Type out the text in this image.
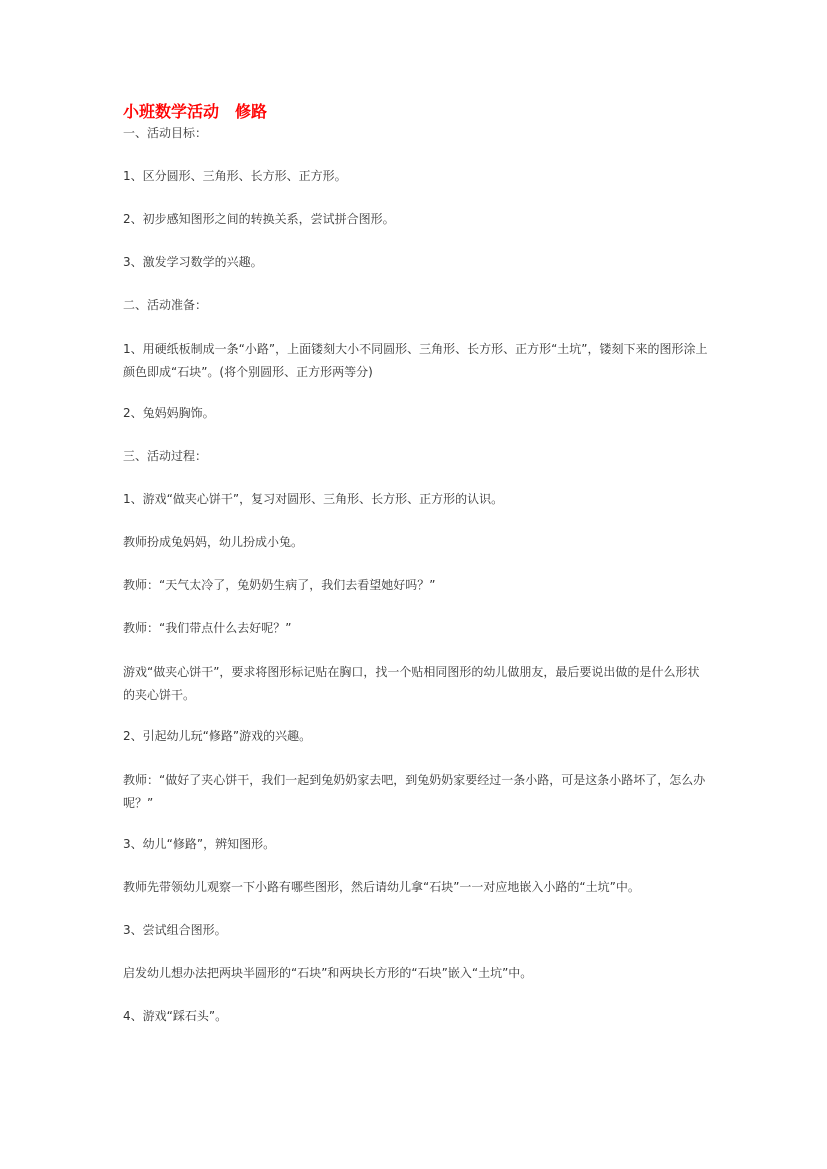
小班数学活动　修路
一、活动目标：
1、区分圆形、三角形、长方形、正方形。
2、初步感知图形之间的转换关系，尝试拼合图形。
3、激发学习数学的兴趣。
二、活动准备：
1、用硬纸板制成一条“小路”，上面镂刻大小不同圆形、三角形、长方形、正方形“土坑”，镂刻下来的图形涂上颜色即成“石块”。(将个别圆形、正方形两等分)
2、兔妈妈胸饰。
三、活动过程：
1、游戏“做夹心饼干”，复习对圆形、三角形、长方形、正方形的认识。
教师扮成兔妈妈，幼儿扮成小兔。
教师：“天气太冷了，兔奶奶生病了，我们去看望她好吗？”
教师：“我们带点什么去好呢？”
游戏“做夹心饼干”，要求将图形标记贴在胸口，找一个贴相同图形的幼儿做朋友，最后要说出做的是什么形状的夹心饼干。
2、引起幼儿玩“修路”游戏的兴趣。
教师：“做好了夹心饼干，我们一起到兔奶奶家去吧，到兔奶奶家要经过一条小路，可是这条小路坏了，怎么办呢？”
3、幼儿“修路”，辨知图形。
教师先带领幼儿观察一下小路有哪些图形，然后请幼儿拿“石块”一一对应地嵌入小路的“土坑”中。
3、尝试组合图形。
启发幼儿想办法把两块半圆形的“石块”和两块长方形的“石块”嵌入“土坑”中。
4、游戏“踩石头”。
